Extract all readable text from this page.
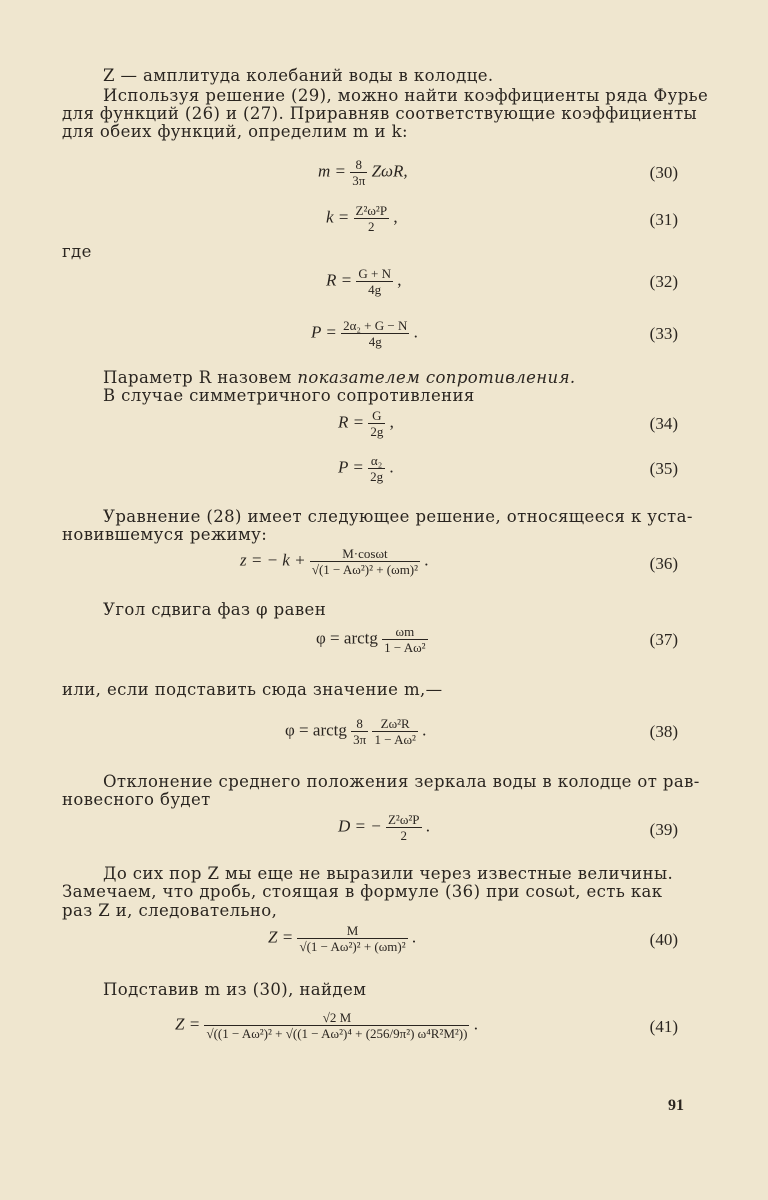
Z — амплитуда колебаний воды в колодце.
Используя решение (29), можно найти коэффициенты ряда Фурье
для функций (26) и (27). Приравняв соответствующие коэффициенты
для обеих функций, определим m и k:
$m = \frac{8}{3\pi} Z\omega R$,	(30)
$k = \frac{\text{Z²ω²P}}{2}$ ,	(31)
где
$R = \frac{G + N}{4g}$ ,	(32)
$P = \frac{\text{2α₂ + G − N}}{4g}$ .	(33)
Параметр R назовем показателем сопротивления.
В случае симметричного сопротивления
$R = \frac{G}{2g}$ ,	(34)
$P = \frac{\text{α₂}}{2g}$ .	(35)
Уравнение (28) имеет следующее решение, относящееся к уста-
новившемуся режиму:
z = − $k + \frac{M\cdot\cos\omega t}{\text{√(1 − Aω²)² + (ωm)²}}$ .	(36)
Угол сдвига фаз φ равен
φ = arctg $\frac{\omega m}{\text{1 − Aω²}}$	(37)
или, если подставить сюда значение m,—
φ = arctg $\frac{8}{3\pi}$
$\frac{\text{Zω²R}}{\text{1 − Aω²}}$ .	(38)
Отклонение среднего положения зеркала воды в колодце от рав-
новесного будет
D = − $\frac{\text{Z²ω²P}}{2}$ .	(39)
До сих пор Z мы еще не выразили через известные величины.
Замечаем, что дробь, стоящая в формуле (36) при cosωt, есть как
раз Z и, следовательно,
$Z = \frac{M}{\text{√(1 − Aω²)² + (ωm)²}}$ .	(40)
Подставив m из (30), найдем
$Z = \frac{√2 M}{\text{√((1 − Aω²)² + √((1 − Aω²)⁴ + (256/9π²) ω⁴R²M²))}}$ .	(41)
91
